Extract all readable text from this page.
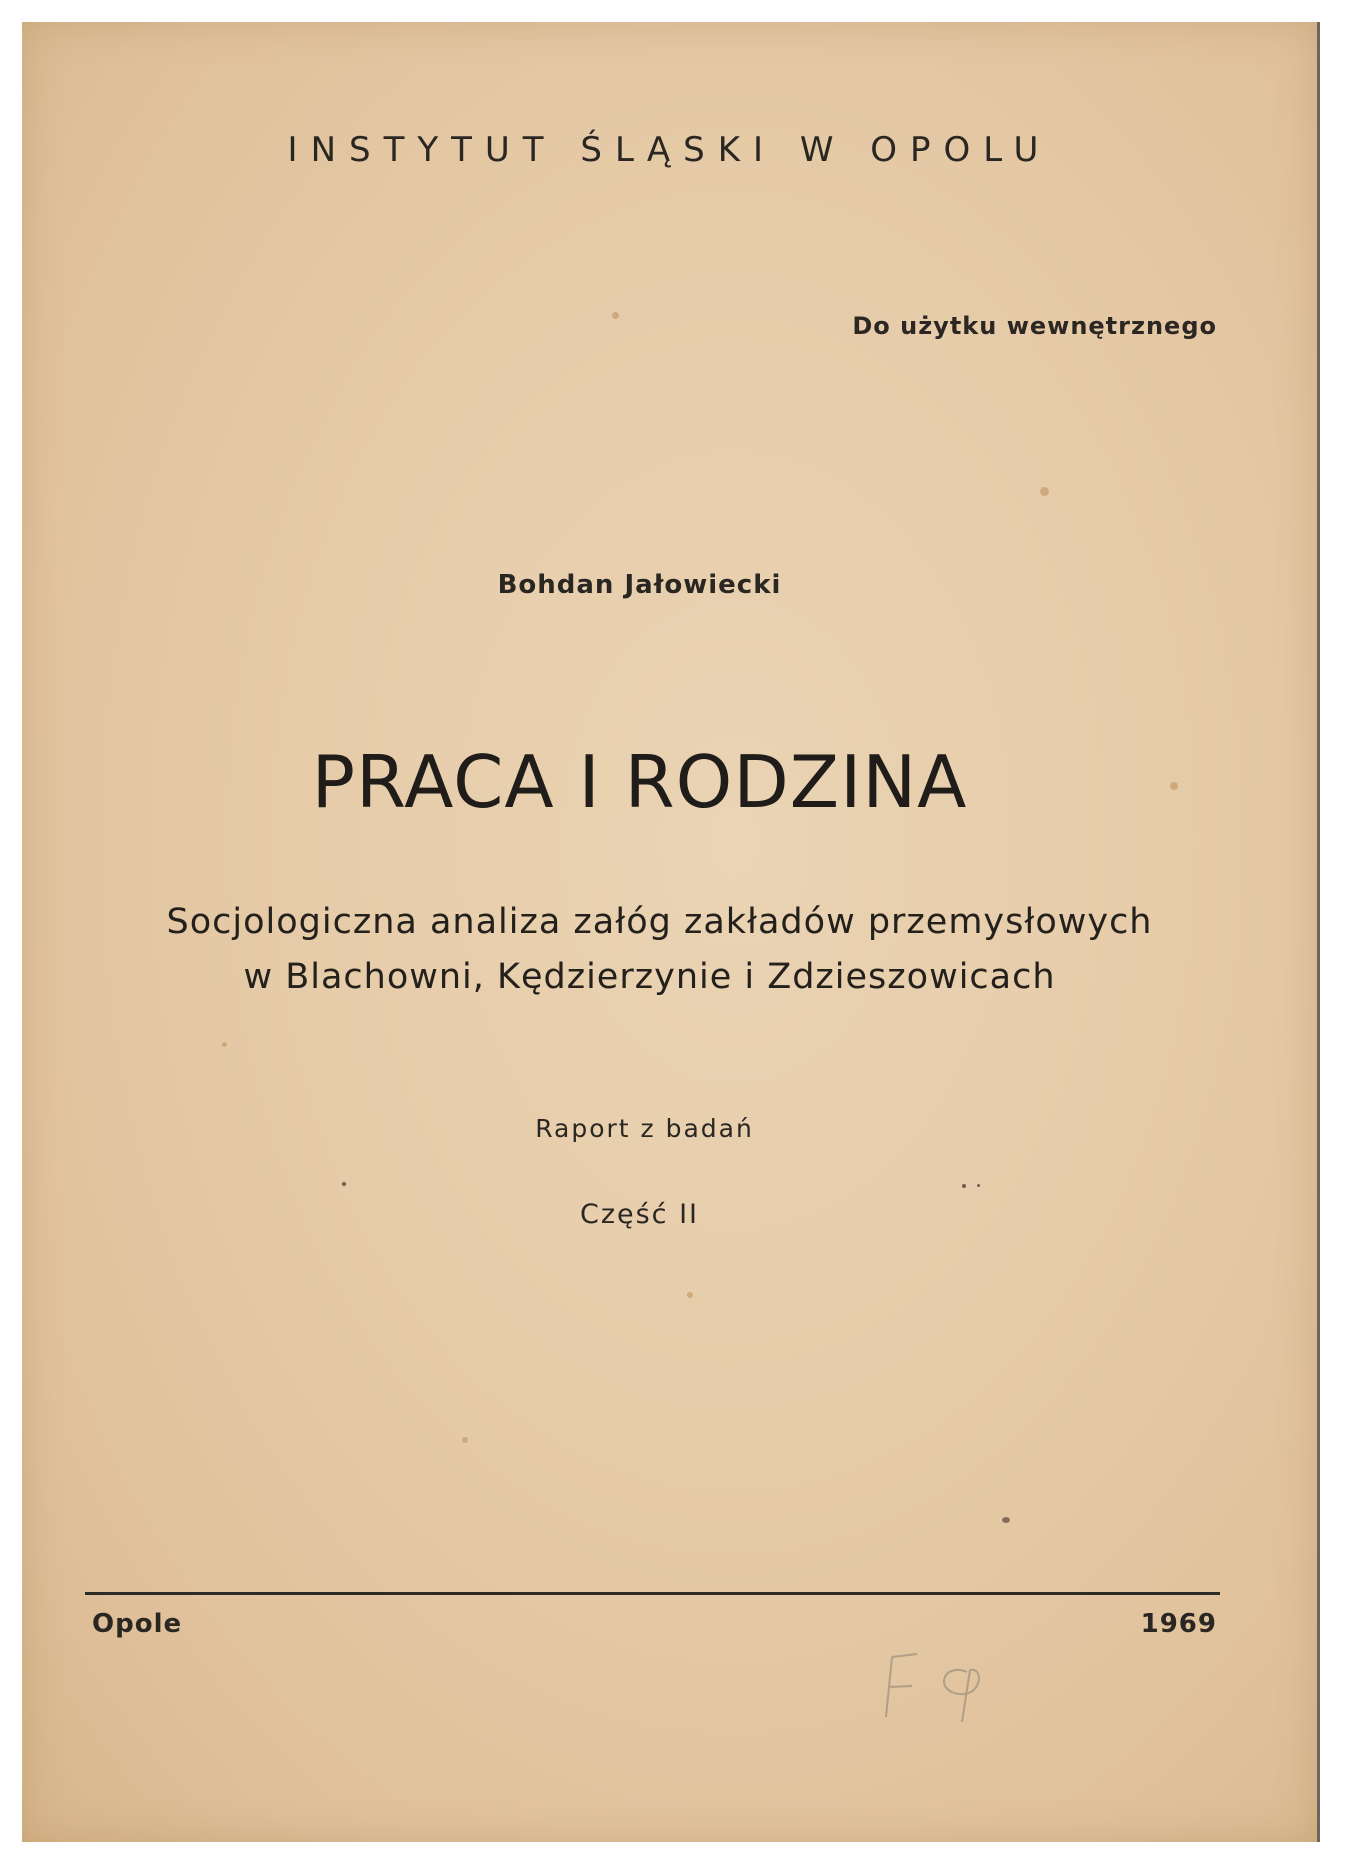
INSTYTUT ŚLĄSKI W OPOLU

Do użytku wewnętrznego

Bohdan Jałowiecki

PRACA I RODZINA

Socjologiczna analiza załóg zakładów przemysłowych

w Blachowni, Kędzierzynie i Zdzieszowicach

Raport z badań

Część II

Opole	1969
